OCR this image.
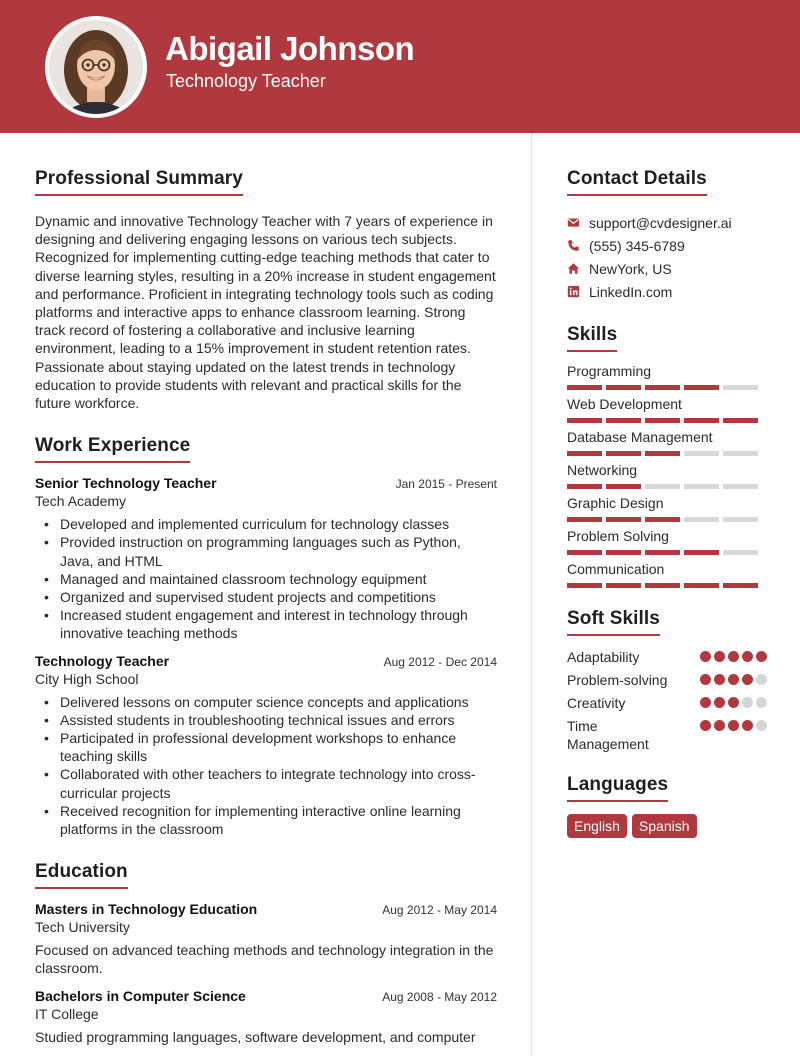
Abigail Johnson
Technology Teacher
Professional Summary

Dynamic and innovative Technology Teacher with 7 years of experience in designing and delivering engaging lessons on various tech subjects. Recognized for implementing cutting-edge teaching methods that cater to diverse learning styles, resulting in a 20% increase in student engagement and performance. Proficient in integrating technology tools such as coding platforms and interactive apps to enhance classroom learning. Strong track record of fostering a collaborative and inclusive learning environment, leading to a 15% improvement in student retention rates. Passionate about staying updated on the latest trends in technology education to provide students with relevant and practical skills for the future workforce.

Work Experience
Senior Technology Teacher	Jan 2015 - Present
Tech Academy
• Developed and implemented curriculum for technology classes
• Provided instruction on programming languages such as Python, Java, and HTML
• Managed and maintained classroom technology equipment
• Organized and supervised student projects and competitions
• Increased student engagement and interest in technology through innovative teaching methods
Technology Teacher	Aug 2012 - Dec 2014
City High School
• Delivered lessons on computer science concepts and applications
• Assisted students in troubleshooting technical issues and errors
• Participated in professional development workshops to enhance teaching skills
• Collaborated with other teachers to integrate technology into cross-curricular projects
• Received recognition for implementing interactive online learning platforms in the classroom
Education
Masters in Technology Education	Aug 2012 - May 2014
Tech University

Focused on advanced teaching methods and technology integration in the classroom.

Bachelors in Computer Science	Aug 2008 - May 2012
IT College

Studied programming languages, software development, and computer

Contact Details
support@cvdesigner.ai
(555) 345-6789
NewYork, US
LinkedIn.com
Skills
Programming
Web Development
Database Management
Networking
Graphic Design
Problem Solving
Communication
Soft Skills
Adaptability
Problem-solving
Creativity
Time Management
Languages
English	Spanish
